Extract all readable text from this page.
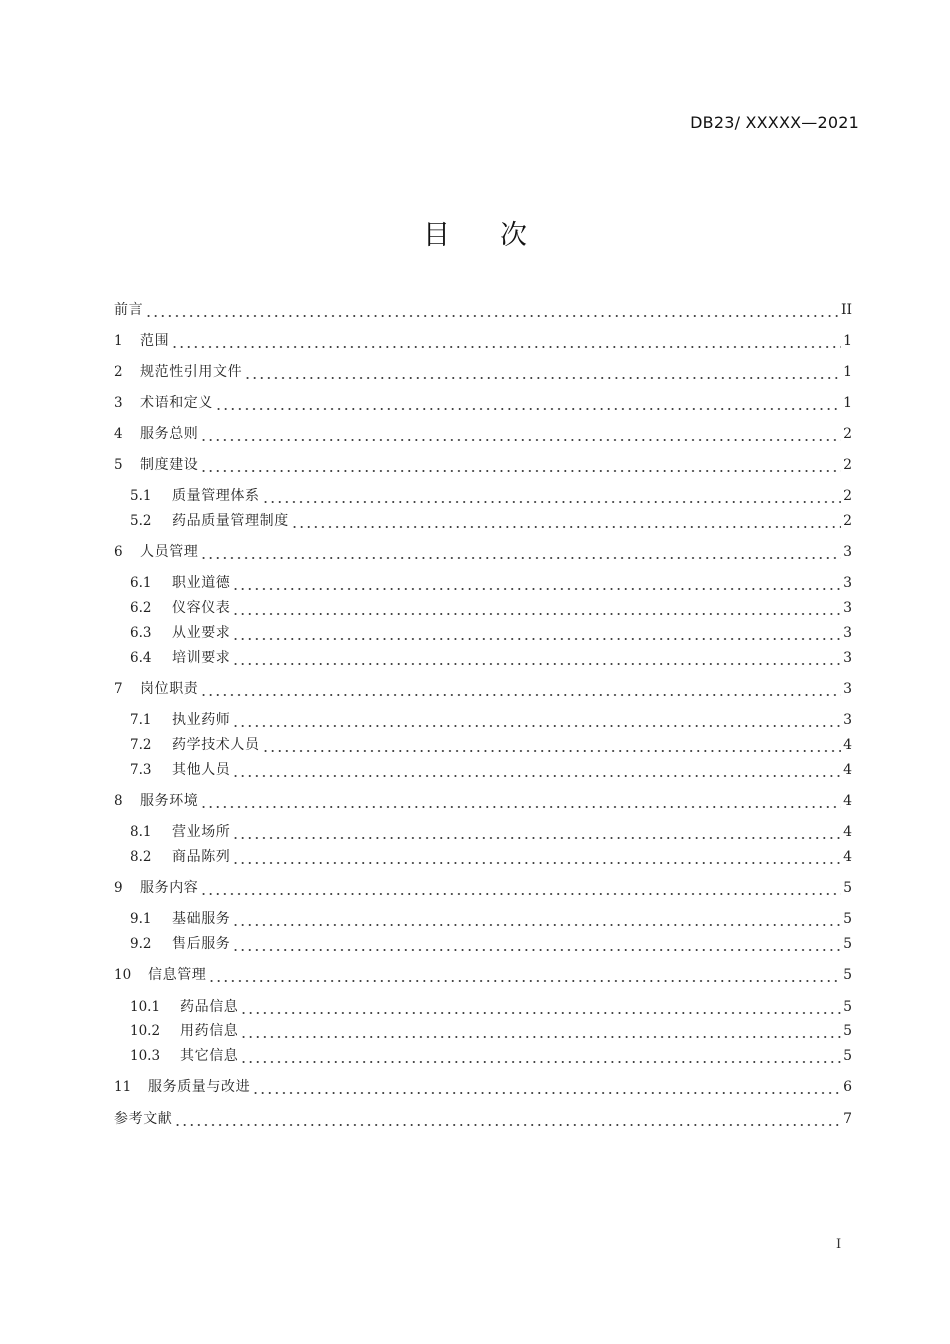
DB23/ XXXXX—2021
目 次
前言	II
1	范围	1
2	规范性引用文件	1
3	术语和定义	1
4	服务总则	2
5	制度建设	2
5.1	质量管理体系	2
5.2	药品质量管理制度	2
6	人员管理	3
6.1	职业道德	3
6.2	仪容仪表	3
6.3	从业要求	3
6.4	培训要求	3
7	岗位职责	3
7.1	执业药师	3
7.2	药学技术人员	4
7.3	其他人员	4
8	服务环境	4
8.1	营业场所	4
8.2	商品陈列	4
9	服务内容	5
9.1	基础服务	5
9.2	售后服务	5
10	信息管理	5
10.1	药品信息	5
10.2	用药信息	5
10.3	其它信息	5
11	服务质量与改进	6
参考文献	7
I
